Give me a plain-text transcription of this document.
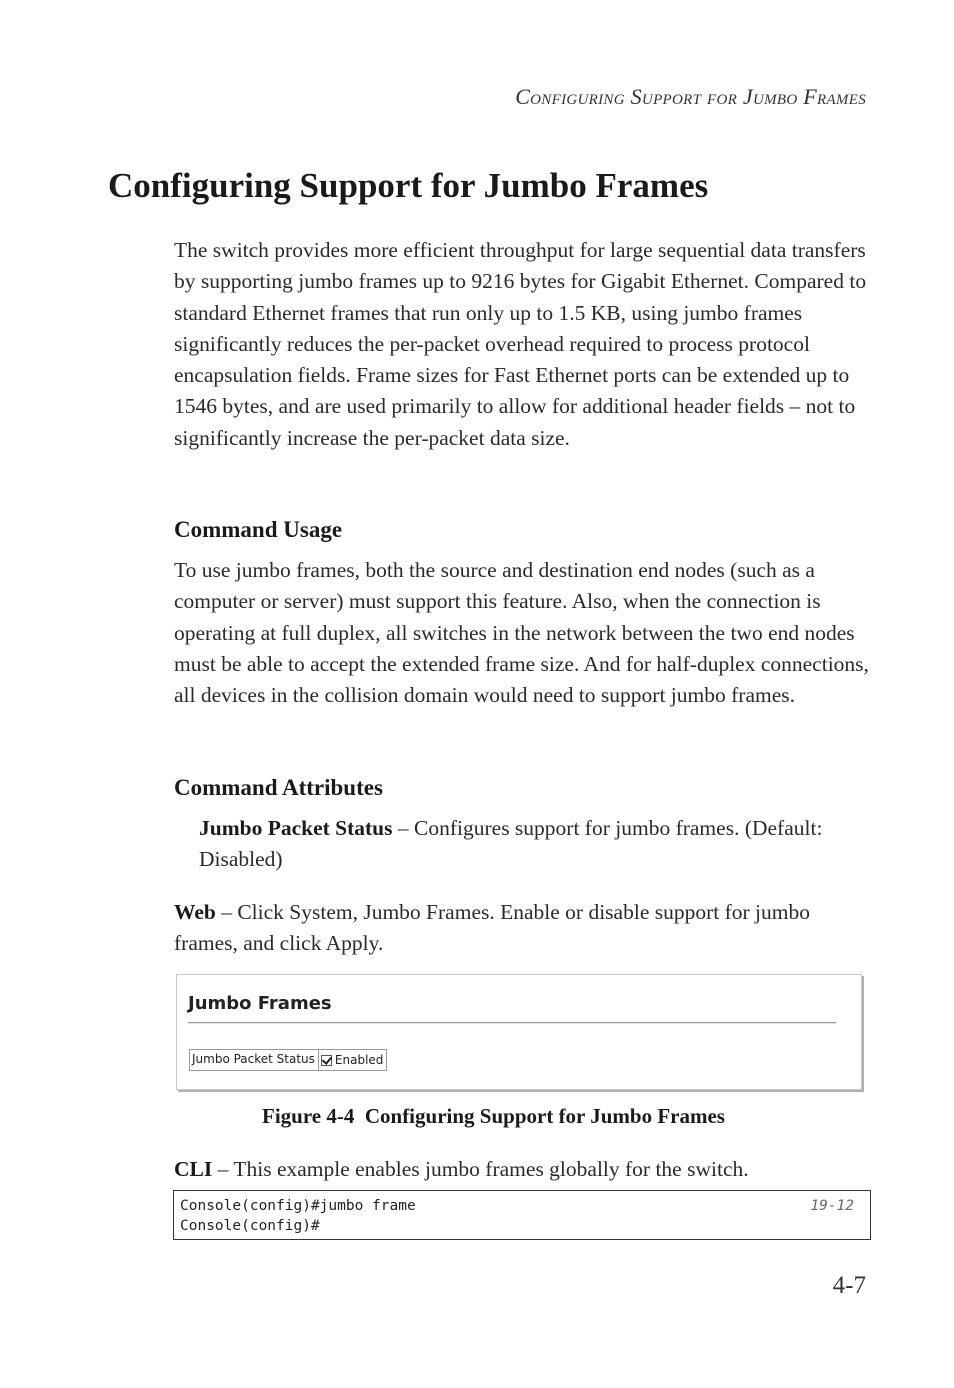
Configuring Support for Jumbo Frames
Configuring Support for Jumbo Frames

The switch provides more efficient throughput for large sequential data transfers by supporting jumbo frames up to 9216 bytes for Gigabit Ethernet. Compared to standard Ethernet frames that run only up to 1.5 KB, using jumbo frames significantly reduces the per-packet overhead required to process protocol encapsulation fields. Frame sizes for Fast Ethernet ports can be extended up to 1546 bytes, and are used primarily to allow for additional header fields – not to significantly increase the per-packet data size.

Command Usage

To use jumbo frames, both the source and destination end nodes (such as a computer or server) must support this feature. Also, when the connection is operating at full duplex, all switches in the network between the two end nodes must be able to accept the extended frame size. And for half-duplex connections, all devices in the collision domain would need to support jumbo frames.

Command Attributes

Jumbo Packet Status – Configures support for jumbo frames. (Default: Disabled)

Web – Click System, Jumbo Frames. Enable or disable support for jumbo frames, and click Apply.

Jumbo Frames
Jumbo Packet Status	Enabled

Figure 4-4  Configuring Support for Jumbo Frames

CLI – This example enables jumbo frames globally for the switch.

Console(config)#jumbo frame	19-12
Console(config)#
4-7
